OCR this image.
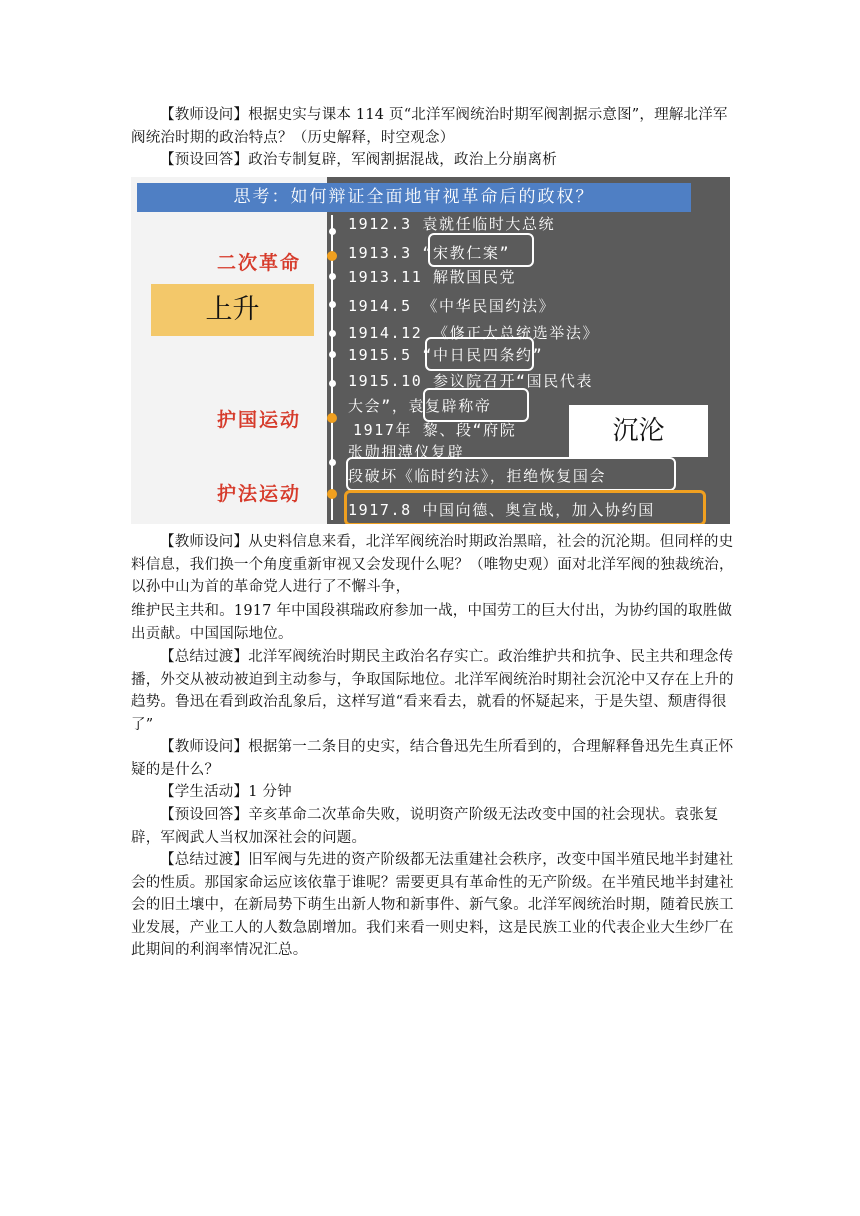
【教师设问】根据史实与课本 114 页“北洋军阀统治时期军阀割据示意图”，理解北洋军阀统治时期的政治特点？（历史解释，时空观念）
【预设回答】政治专制复辟，军阀割据混战，政治上分崩离析
思考：如何辩证全面地审视革命后的政权？
二次革命
护国运动
护法运动
上升
1912.3 袁就任临时大总统
1913.3 “宋教仁案”
1913.11 解散国民党
1914.5 《中华民国约法》
1914.12 《修正大总统选举法》
1915.5 “中日民四条约”
1915.10 参议院召开“国民代表
大会”，袁复辟称帝
1917年 黎、段“府院
张勋拥溥仪复辟
段破坏《临时约法》，拒绝恢复国会
1917.8 中国向德、奥宣战，加入协约国
沉沦
【教师设问】从史料信息来看，北洋军阀统治时期政治黑暗，社会的沉沦期。但同样的史料信息，我们换一个角度重新审视又会发现什么呢？（唯物史观）面对北洋军阀的独裁统治，以孙中山为首的革命党人进行了不懈斗争，
维护民主共和。1917 年中国段祺瑞政府参加一战，中国劳工的巨大付出，为协约国的取胜做出贡献。中国国际地位。
【总结过渡】北洋军阀统治时期民主政治名存实亡。政治维护共和抗争、民主共和理念传播，外交从被动被迫到主动参与，争取国际地位。北洋军阀统治时期社会沉沦中又存在上升的趋势。鲁迅在看到政治乱象后，这样写道“看来看去，就看的怀疑起来，于是失望、颓唐得很了”
【教师设问】根据第一二条目的史实，结合鲁迅先生所看到的，合理解释鲁迅先生真正怀疑的是什么？
【学生活动】1 分钟
【预设回答】辛亥革命二次革命失败，说明资产阶级无法改变中国的社会现状。袁张复辟，军阀武人当权加深社会的问题。
【总结过渡】旧军阀与先进的资产阶级都无法重建社会秩序，改变中国半殖民地半封建社会的性质。那国家命运应该依靠于谁呢？需要更具有革命性的无产阶级。在半殖民地半封建社会的旧土壤中，在新局势下萌生出新人物和新事件、新气象。北洋军阀统治时期，随着民族工业发展，产业工人的人数急剧增加。我们来看一则史料，这是民族工业的代表企业大生纱厂在此期间的利润率情况汇总。
